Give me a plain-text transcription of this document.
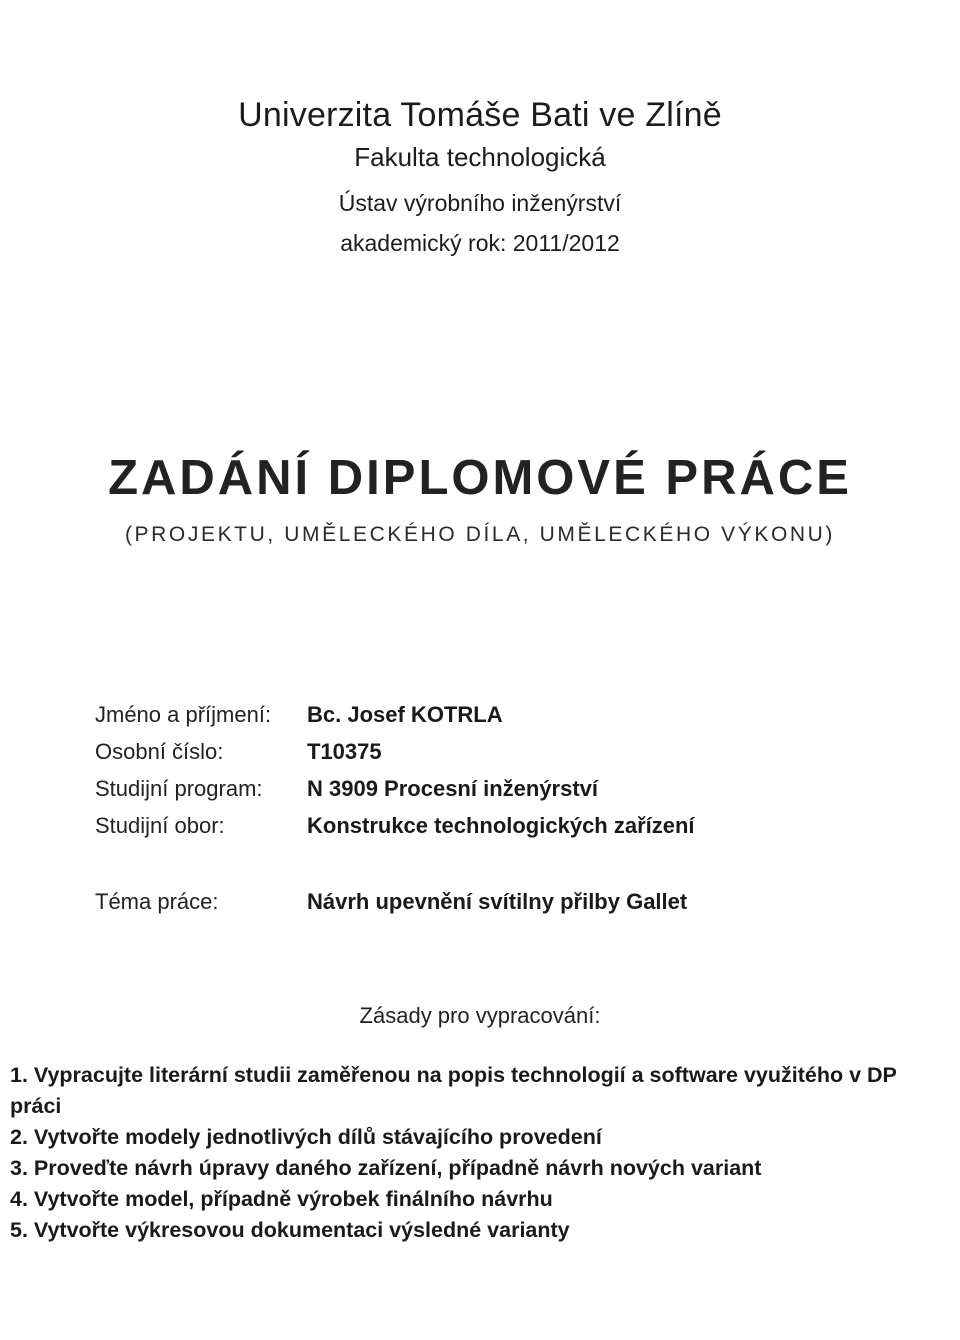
Univerzita Tomáše Bati ve Zlíně
Fakulta technologická
Ústav výrobního inženýrství
akademický rok: 2011/2012
ZADÁNÍ DIPLOMOVÉ PRÁCE
(PROJEKTU, UMĚLECKÉHO DÍLA, UMĚLECKÉHO VÝKONU)
Jméno a příjmení: Bc. Josef KOTRLA
Osobní číslo:	T10375
Studijní program: N 3909 Procesní inženýrství
Studijní obor:	Konstrukce technologických zařízení
Téma práce:	Návrh upevnění svítilny přilby Gallet
Zásady pro vypracování:
1. Vypracujte literární studii zaměřenou na popis technologií a software využitého v DP práci
2. Vytvořte modely jednotlivých dílů stávajícího provedení
3. Proveďte návrh úpravy daného zařízení, případně návrh nových variant
4. Vytvořte model, případně výrobek finálního návrhu
5. Vytvořte výkresovou dokumentaci výsledné varianty
